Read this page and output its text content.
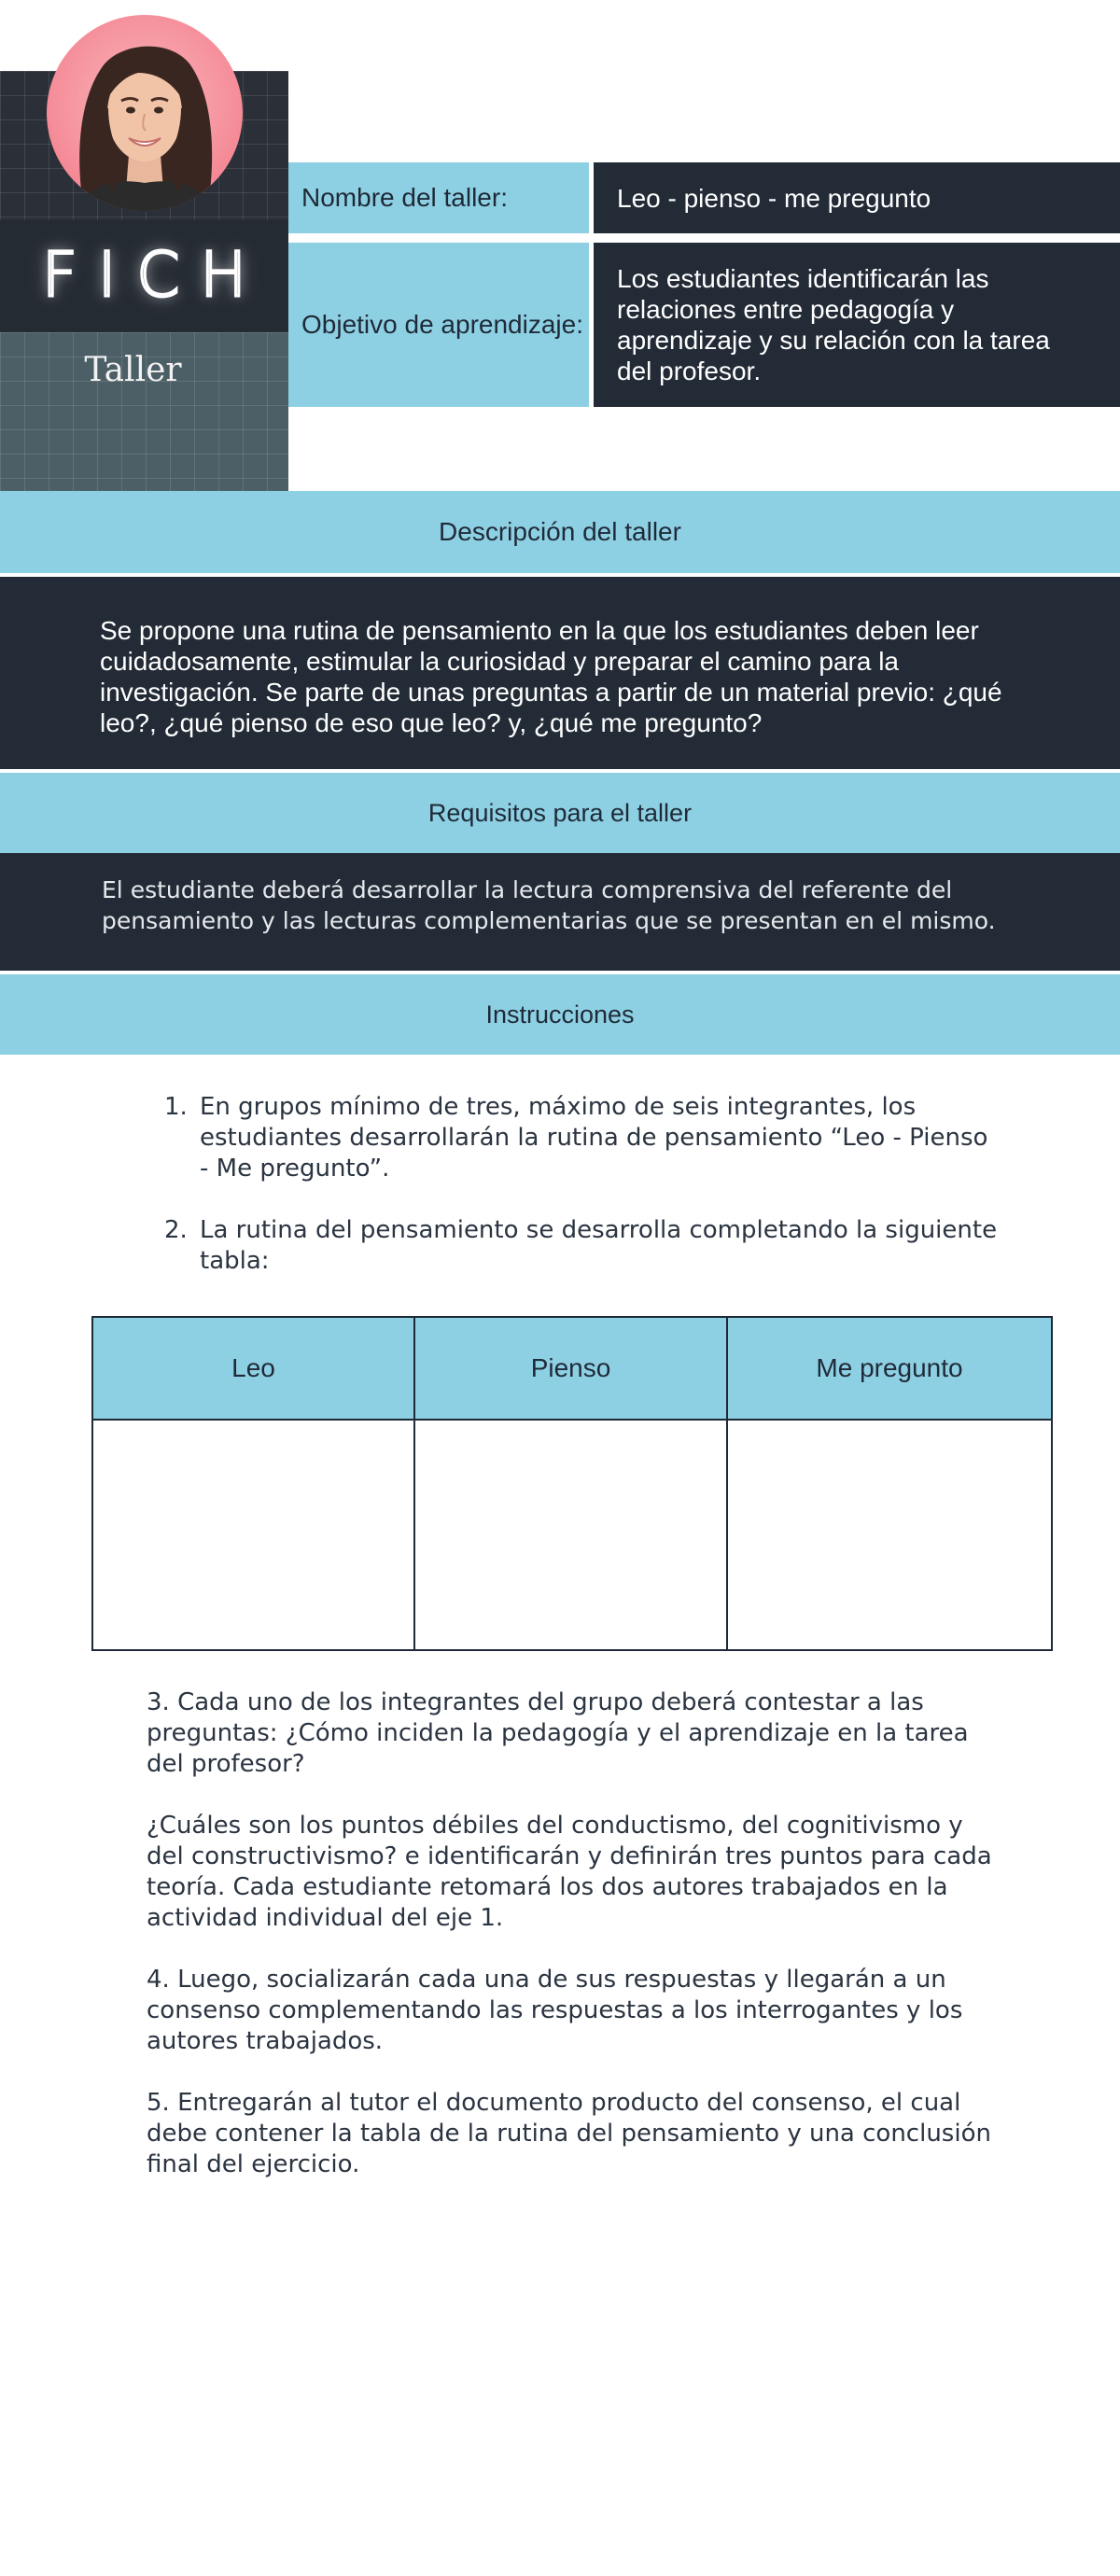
FICH
Taller
Nombre del taller:	Leo - pienso - me pregunto
Objetivo de aprendizaje:
Los estudiantes identificarán las relaciones entre pedagogía y aprendizaje y su relación con la tarea del profesor.
Descripción del taller
Se propone una rutina de pensamiento en la que los estudiantes deben leer cuidadosamente, estimular la curiosidad y preparar el camino para la investigación. Se parte de unas preguntas a partir de un material previo: ¿qué leo?, ¿qué pienso de eso que leo? y, ¿qué me pregunto?
Requisitos para el taller
El estudiante deberá desarrollar la lectura comprensiva del referente del pensamiento y las lecturas complementarias que se presentan en el mismo.
Instrucciones
1. En grupos mínimo de tres, máximo de seis integrantes, los estudiantes desarrollarán la rutina de pensamiento “Leo - Pienso - Me pregunto”.
2. La rutina del pensamiento se desarrolla completando la siguiente tabla:
Leo	Pienso	Me pregunto
3. Cada uno de los integrantes del grupo deberá contestar a las preguntas: ¿Cómo inciden la pedagogía y el aprendizaje en la tarea del profesor?
¿Cuáles son los puntos débiles del conductismo, del cognitivismo y del constructivismo? e identificarán y definirán tres puntos para cada teoría. Cada estudiante retomará los dos autores trabajados en la actividad individual del eje 1.
4. Luego, socializarán cada una de sus respuestas y llegarán a un consenso complementando las respuestas a los interrogantes y los autores trabajados.
5. Entregarán al tutor el documento producto del consenso, el cual debe contener la tabla de la rutina del pensamiento y una conclusión final del ejercicio.
